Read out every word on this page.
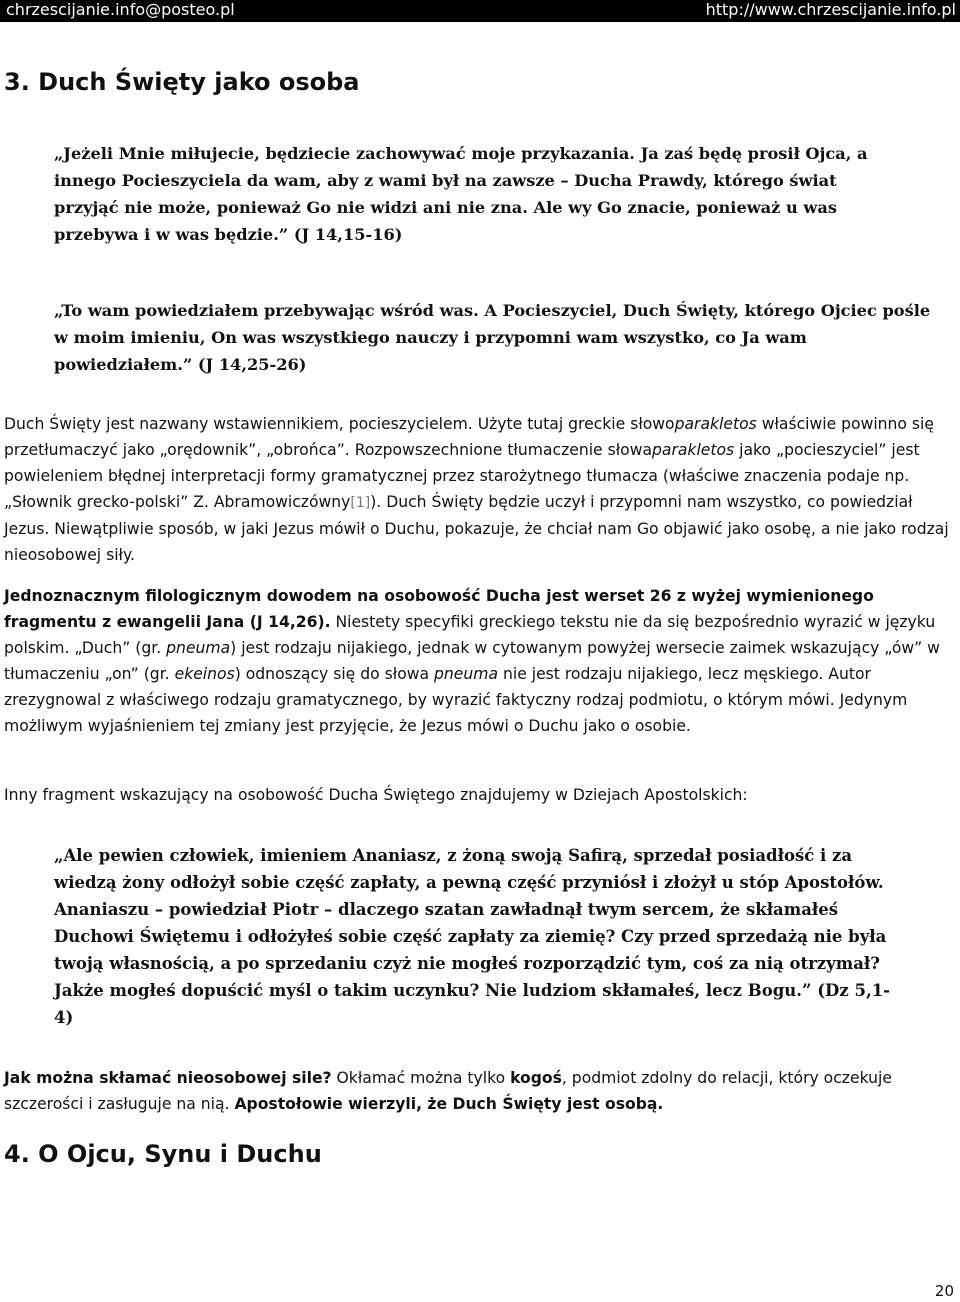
chrzescijanie.info@posteo.pl	http://www.chrzescijanie.info.pl
3. Duch Święty jako osoba

„Jeżeli Mnie miłujecie, będziecie zachowywać moje przykazania. Ja zaś będę prosił Ojca, a innego Pocieszyciela da wam, aby z wami był na zawsze – Ducha Prawdy, którego świat przyjąć nie może, ponieważ Go nie widzi ani nie zna. Ale wy Go znacie, ponieważ u was przebywa i w was będzie.” (J 14,15-16)

„To wam powiedziałem przebywając wśród was. A Pocieszyciel, Duch Święty, którego Ojciec pośle w moim imieniu, On was wszystkiego nauczy i przypomni wam wszystko, co Ja wam powiedziałem.” (J 14,25-26)

Duch Święty jest nazwany wstawiennikiem, pocieszycielem. Użyte tutaj greckie słowoparakletos właściwie powinno się przetłumaczyć jako „orędownik”, „obrońca”. Rozpowszechnione tłumaczenie słowaparakletos jako „pocieszyciel” jest powieleniem błędnej interpretacji formy gramatycznej przez starożytnego tłumacza (właściwe znaczenia podaje np. „Słownik grecko-polski” Z. Abramowiczówny[1]). Duch Święty będzie uczył i przypomni nam wszystko, co powiedział Jezus. Niewątpliwie sposób, w jaki Jezus mówił o Duchu, pokazuje, że chciał nam Go objawić jako osobę, a nie jako rodzaj nieosobowej siły.

Jednoznacznym filologicznym dowodem na osobowość Ducha jest werset 26 z wyżej wymienionego fragmentu z ewangelii Jana (J 14,26). Niestety specyfiki greckiego tekstu nie da się bezpośrednio wyrazić w języku polskim. „Duch” (gr. pneuma) jest rodzaju nijakiego, jednak w cytowanym powyżej wersecie zaimek wskazujący „ów” w tłumaczeniu „on” (gr. ekeinos) odnoszący się do słowa pneuma nie jest rodzaju nijakiego, lecz męskiego. Autor zrezygnowal z właściwego rodzaju gramatycznego, by wyrazić faktyczny rodzaj podmiotu, o którym mówi. Jedynym możliwym wyjaśnieniem tej zmiany jest przyjęcie, że Jezus mówi o Duchu jako o osobie.

Inny fragment wskazujący na osobowość Ducha Świętego znajdujemy w Dziejach Apostolskich:

„Ale pewien człowiek, imieniem Ananiasz, z żoną swoją Safirą, sprzedał posiadłość i za wiedzą żony odłożył sobie część zapłaty, a pewną część przyniósł i złożył u stóp Apostołów. Ananiaszu – powiedział Piotr – dlaczego szatan zawładnął twym sercem, że skłamałeś Duchowi Świętemu i odłożyłeś sobie część zapłaty za ziemię? Czy przed sprzedażą nie była twoją własnością, a po sprzedaniu czyż nie mogłeś rozporządzić tym, coś za nią otrzymał? Jakże mogłeś dopuścić myśl o takim uczynku? Nie ludziom skłamałeś, lecz Bogu.” (Dz 5,1-4)

Jak można skłamać nieosobowej sile? Okłamać można tylko kogoś, podmiot zdolny do relacji, który oczekuje szczerości i zasługuje na nią. Apostołowie wierzyli, że Duch Święty jest osobą.

4. O Ojcu, Synu i Duchu
20
